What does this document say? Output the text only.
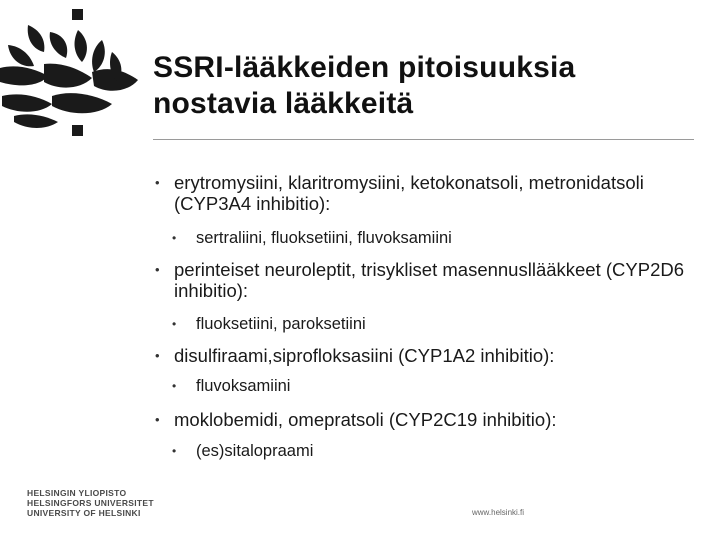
SSRI-lääkkeiden pitoisuuksia
nostavia lääkkeitä
• erytromysiini, klaritromysiini, ketokonatsoli, metronidatsoli (CYP3A4 inhibitio):
• sertraliini, fluoksetiini, fluvoksamiini
• perinteiset neuroleptit, trisykliset masennusllääkkeet (CYP2D6 inhibitio):
• fluoksetiini, paroksetiini
• disulfiraami,siprofloksasiini (CYP1A2 inhibitio):
• fluvoksamiini
• moklobemidi, omepratsoli (CYP2C19 inhibitio):
• (es)sitalopraami
HELSINGIN YLIOPISTO
HELSINGFORS UNIVERSITET
UNIVERSITY OF HELSINKI	www.helsinki.fi
